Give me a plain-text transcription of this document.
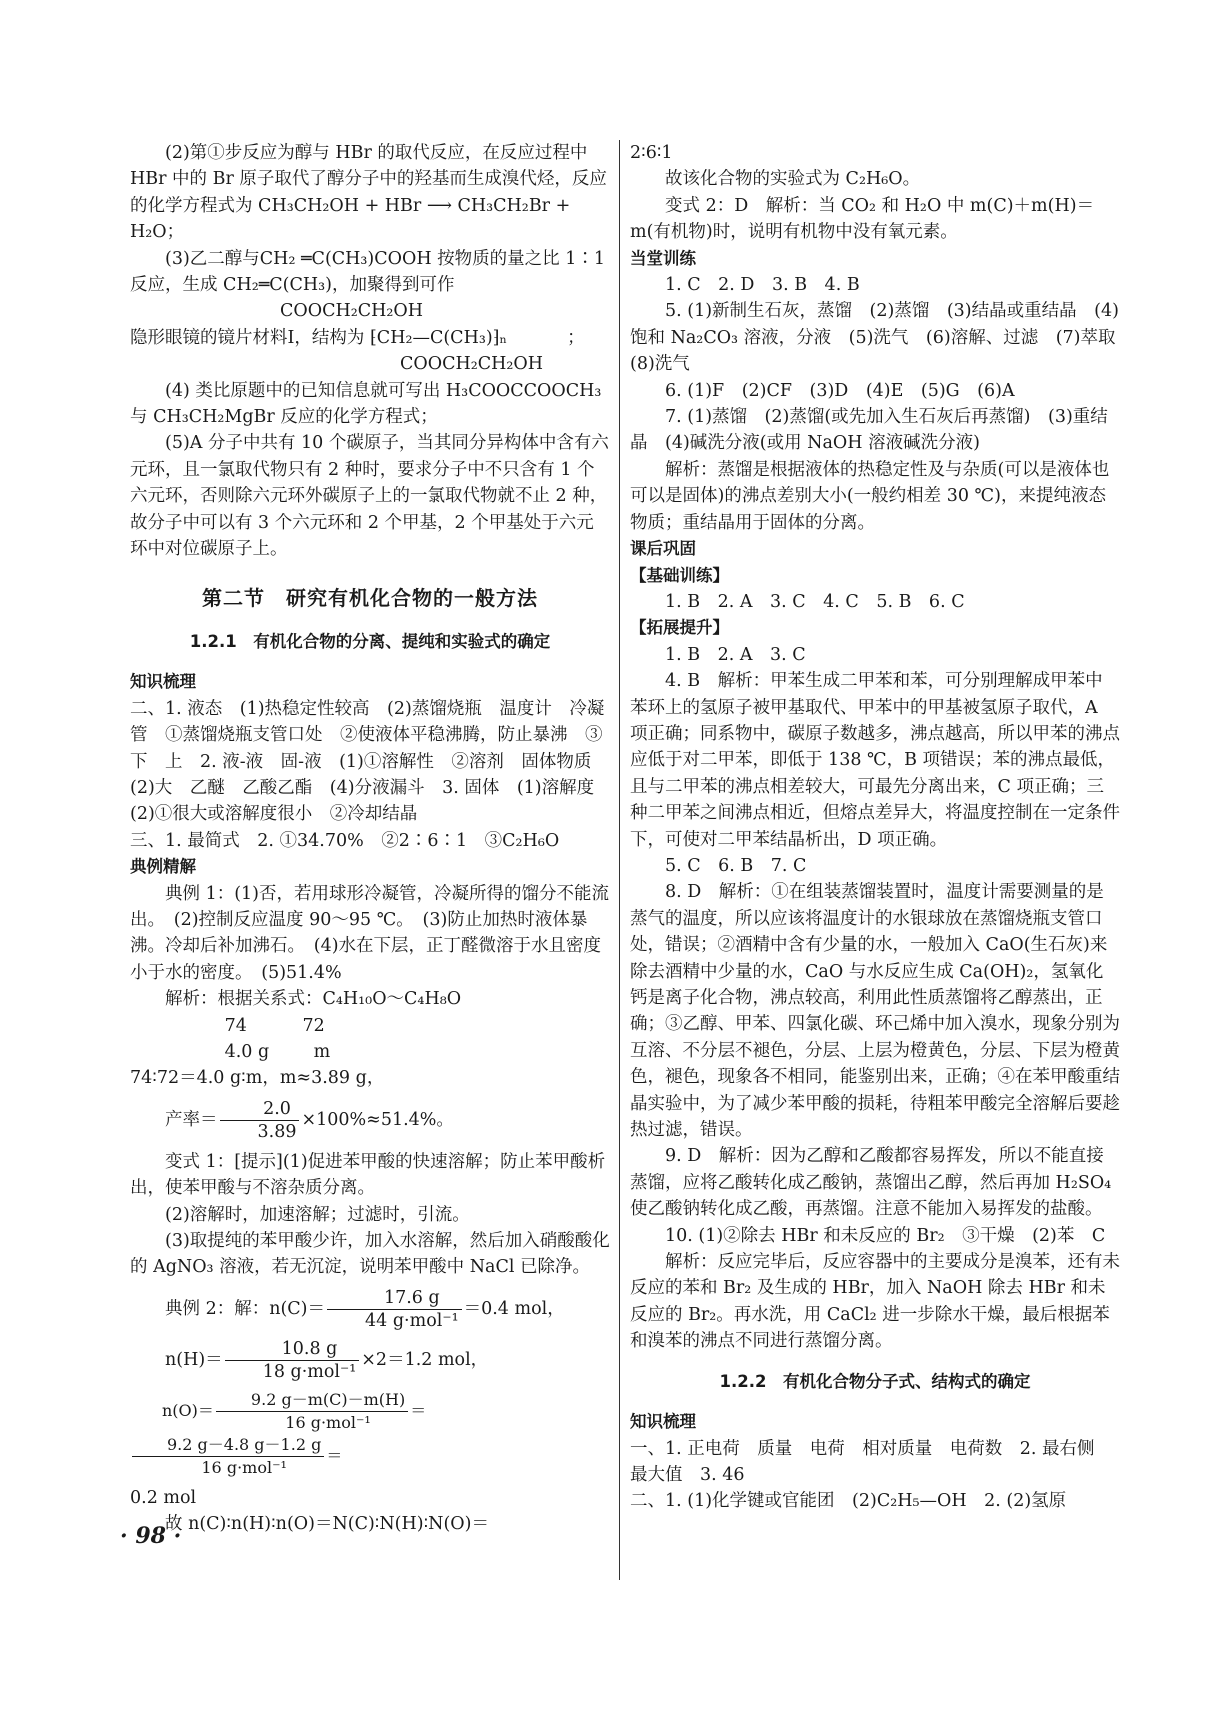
(2)第①步反应为醇与 HBr 的取代反应，在反应过程中 HBr 中的 Br 原子取代了醇分子中的羟基而生成溴代烃，反应的化学方程式为 CH₃CH₂OH + HBr ⟶ CH₃CH₂Br + H₂O；

(3)乙二醇与CH₂ ═C(CH₃)COOH 按物质的量之比 1∶1反应，生成 CH₂═C(CH₃)，加聚得到可作

COOCH₂CH₂OH

隐形眼镜的镜片材料Ⅰ，结构为 ⁅CH₂—C(CH₃)⁆ₙ	；

COOCH₂CH₂OH

(4) 类比原题中的已知信息就可写出 H₃COOCCOOCH₃ 与 CH₃CH₂MgBr 反应的化学方程式；

(5)A 分子中共有 10 个碳原子，当其同分异构体中含有六元环，且一氯取代物只有 2 种时，要求分子中不只含有 1 个六元环，否则除六元环外碳原子上的一氯取代物就不止 2 种，故分子中可以有 3 个六元环和 2 个甲基，2 个甲基处于六元环中对位碳原子上。

第二节　研究有机化合物的一般方法

1.2.1　有机化合物的分离、提纯和实验式的确定

知识梳理

二、1. 液态　(1)热稳定性较高　(2)蒸馏烧瓶　温度计　冷凝管　①蒸馏烧瓶支管口处　②使液体平稳沸腾，防止暴沸　③下　上　2. 液-液　固-液　(1)①溶解性　②溶剂　固体物质　(2)大　乙醚　乙酸乙酯　(4)分液漏斗　3. 固体　(1)溶解度　(2)①很大或溶解度很小　②冷却结晶

三、1. 最简式　2. ①34.70%　②2∶6∶1　③C₂H₆O

典例精解

典例 1：(1)否，若用球形冷凝管，冷凝所得的馏分不能流出。　(2)控制反应温度 90～95 ℃。　(3)防止加热时液体暴沸。冷却后补加沸石。　(4)水在下层，正丁醛微溶于水且密度小于水的密度。　(5)51.4%

解析：根据关系式：C₄H₁₀O～C₄H₈O

74          72

4.0 g        m

74∶72＝4.0 g∶m，m≈3.89 g，

产率＝ $\frac{2.0}{3.89} \times 100\%\approx 51.4\%$。

变式 1：[提示](1)促进苯甲酸的快速溶解；防止苯甲酸析出，使苯甲酸与不溶杂质分离。

(2)溶解时，加速溶解；过滤时，引流。

(3)取提纯的苯甲酸少许，加入水溶解，然后加入硝酸酸化的 AgNO₃ 溶液，若无沉淀，说明苯甲酸中 NaCl 已除净。

典例 2：解：$n(C)= \frac{17.6 g}{\text{44 g·mol⁻¹}} =0.4$ mol，

$n(H)= \frac{10.8 g}{\text{18 g·mol⁻¹}} \times 2=1.2$ mol，

$n(O)= \frac{9.2 g-m(C)-m(H)}{\text{16 g·mol⁻¹}}$ ＝
$\frac{9.2 g-4.8 g-1.2 g}{\text{16 g·mol⁻¹}}$ ＝

0.2 mol

故 n(C)∶n(H)∶n(O)＝N(C)∶N(H)∶N(O)＝

2∶6∶1

故该化合物的实验式为 C₂H₆O。

变式 2：D　解析：当 CO₂ 和 H₂O 中 m(C)＋m(H)＝m(有机物)时，说明有机物中没有氧元素。

当堂训练

1. C　2. D　3. B　4. B

5. (1)新制生石灰，蒸馏　(2)蒸馏　(3)结晶或重结晶　(4)饱和 Na₂CO₃ 溶液，分液　(5)洗气　(6)溶解、过滤　(7)萃取　(8)洗气

6. (1)F　(2)CF　(3)D　(4)E　(5)G　(6)A

7. (1)蒸馏　(2)蒸馏(或先加入生石灰后再蒸馏)　(3)重结晶　(4)碱洗分液(或用 NaOH 溶液碱洗分液)

解析：蒸馏是根据液体的热稳定性及与杂质(可以是液体也可以是固体)的沸点差别大小(一般约相差 30 ℃)，来提纯液态物质；重结晶用于固体的分离。

课后巩固

【基础训练】

1. B　2. A　3. C　4. C　5. B　6. C

【拓展提升】

1. B　2. A　3. C

4. B　解析：甲苯生成二甲苯和苯，可分别理解成甲苯中苯环上的氢原子被甲基取代、甲苯中的甲基被氢原子取代，A 项正确；同系物中，碳原子数越多，沸点越高，所以甲苯的沸点应低于对二甲苯，即低于 138 ℃，B 项错误；苯的沸点最低，且与二甲苯的沸点相差较大，可最先分离出来，C 项正确；三种二甲苯之间沸点相近，但熔点差异大，将温度控制在一定条件下，可使对二甲苯结晶析出，D 项正确。

5. C　6. B　7. C

8. D　解析：①在组装蒸馏装置时，温度计需要测量的是蒸气的温度，所以应该将温度计的水银球放在蒸馏烧瓶支管口处，错误；②酒精中含有少量的水，一般加入 CaO(生石灰)来除去酒精中少量的水，CaO 与水反应生成 Ca(OH)₂，氢氧化钙是离子化合物，沸点较高，利用此性质蒸馏将乙醇蒸出，正确；③乙醇、甲苯、四氯化碳、环己烯中加入溴水，现象分别为互溶、不分层不褪色，分层、上层为橙黄色，分层、下层为橙黄色，褪色，现象各不相同，能鉴别出来，正确；④在苯甲酸重结晶实验中，为了减少苯甲酸的损耗，待粗苯甲酸完全溶解后要趁热过滤，错误。

9. D　解析：因为乙醇和乙酸都容易挥发，所以不能直接蒸馏，应将乙酸转化成乙酸钠，蒸馏出乙醇，然后再加 H₂SO₄ 使乙酸钠转化成乙酸，再蒸馏。注意不能加入易挥发的盐酸。

10. (1)②除去 HBr 和未反应的 Br₂　③干燥　(2)苯　C

解析：反应完毕后，反应容器中的主要成分是溴苯，还有未反应的苯和 Br₂ 及生成的 HBr，加入 NaOH 除去 HBr 和未反应的 Br₂。再水洗，用 CaCl₂ 进一步除水干燥，最后根据苯和溴苯的沸点不同进行蒸馏分离。

1.2.2　有机化合物分子式、结构式的确定

知识梳理

一、1. 正电荷　质量　电荷　相对质量　电荷数　2. 最右侧　最大值　3. 46

二、1. (1)化学键或官能团　(2)C₂H₅—OH　2. (2)氢原

· 98 ·
